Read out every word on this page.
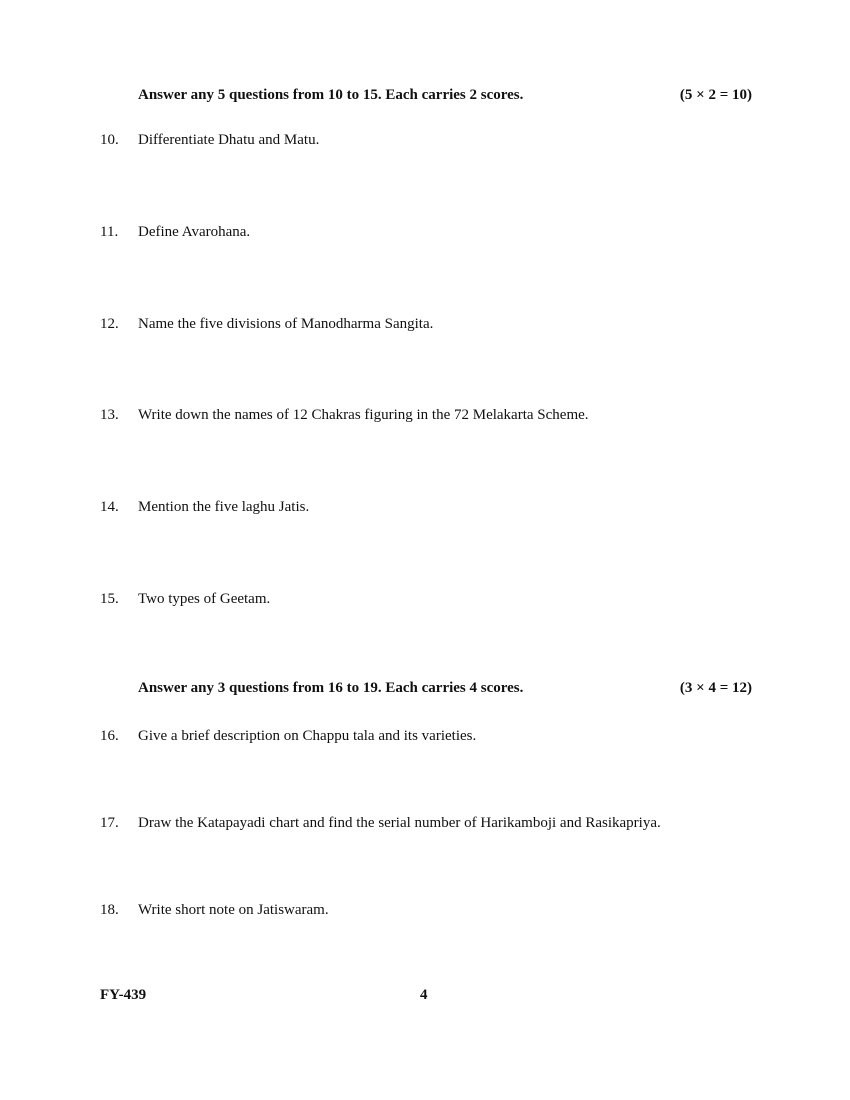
Answer any 5 questions from 10 to 15. Each carries 2 scores.	(5 × 2 = 10)
10. Differentiate Dhatu and Matu.
11. Define Avarohana.
12. Name the five divisions of Manodharma Sangita.
13. Write down the names of 12 Chakras figuring in the 72 Melakarta Scheme.
14. Mention the five laghu Jatis.
15. Two types of Geetam.
Answer any 3 questions from 16 to 19. Each carries 4 scores.	(3 × 4 = 12)
16. Give a brief description on Chappu tala and its varieties.
17. Draw the Katapayadi chart and find the serial number of Harikamboji and Rasikapriya.
18. Write short note on Jatiswaram.
FY-439	4
